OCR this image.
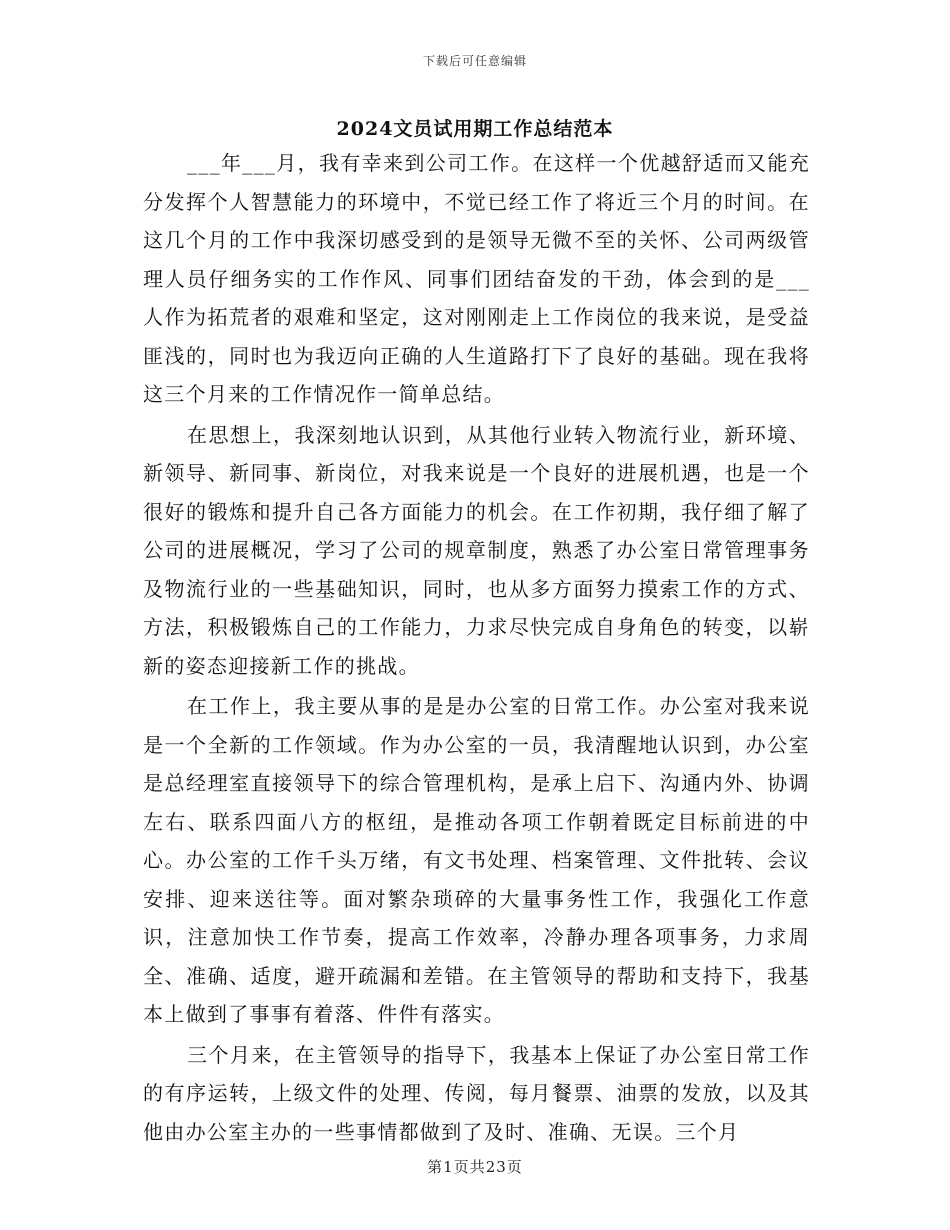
下载后可任意编辑
2024文员试用期工作总结范本

___年___月，我有幸来到公司工作。在这样一个优越舒适而又能充分发挥个人智慧能力的环境中，不觉已经工作了将近三个月的时间。在这几个月的工作中我深切感受到的是领导无微不至的关怀、公司两级管理人员仔细务实的工作作风、同事们团结奋发的干劲，体会到的是___人作为拓荒者的艰难和坚定，这对刚刚走上工作岗位的我来说，是受益匪浅的，同时也为我迈向正确的人生道路打下了良好的基础。现在我将这三个月来的工作情况作一简单总结。

在思想上，我深刻地认识到，从其他行业转入物流行业，新环境、新领导、新同事、新岗位，对我来说是一个良好的进展机遇，也是一个很好的锻炼和提升自己各方面能力的机会。在工作初期，我仔细了解了公司的进展概况，学习了公司的规章制度，熟悉了办公室日常管理事务及物流行业的一些基础知识，同时，也从多方面努力摸索工作的方式、方法，积极锻炼自己的工作能力，力求尽快完成自身角色的转变，以崭新的姿态迎接新工作的挑战。

在工作上，我主要从事的是是办公室的日常工作。办公室对我来说是一个全新的工作领域。作为办公室的一员，我清醒地认识到，办公室是总经理室直接领导下的综合管理机构，是承上启下、沟通内外、协调左右、联系四面八方的枢纽，是推动各项工作朝着既定目标前进的中心。办公室的工作千头万绪，有文书处理、档案管理、文件批转、会议安排、迎来送往等。面对繁杂琐碎的大量事务性工作，我强化工作意识，注意加快工作节奏，提高工作效率，冷静办理各项事务，力求周全、准确、适度，避开疏漏和差错。在主管领导的帮助和支持下，我基本上做到了事事有着落、件件有落实。

三个月来，在主管领导的指导下，我基本上保证了办公室日常工作的有序运转，上级文件的处理、传阅，每月餐票、油票的发放，以及其他由办公室主办的一些事情都做到了及时、准确、无误。三个月

第1页共23页
